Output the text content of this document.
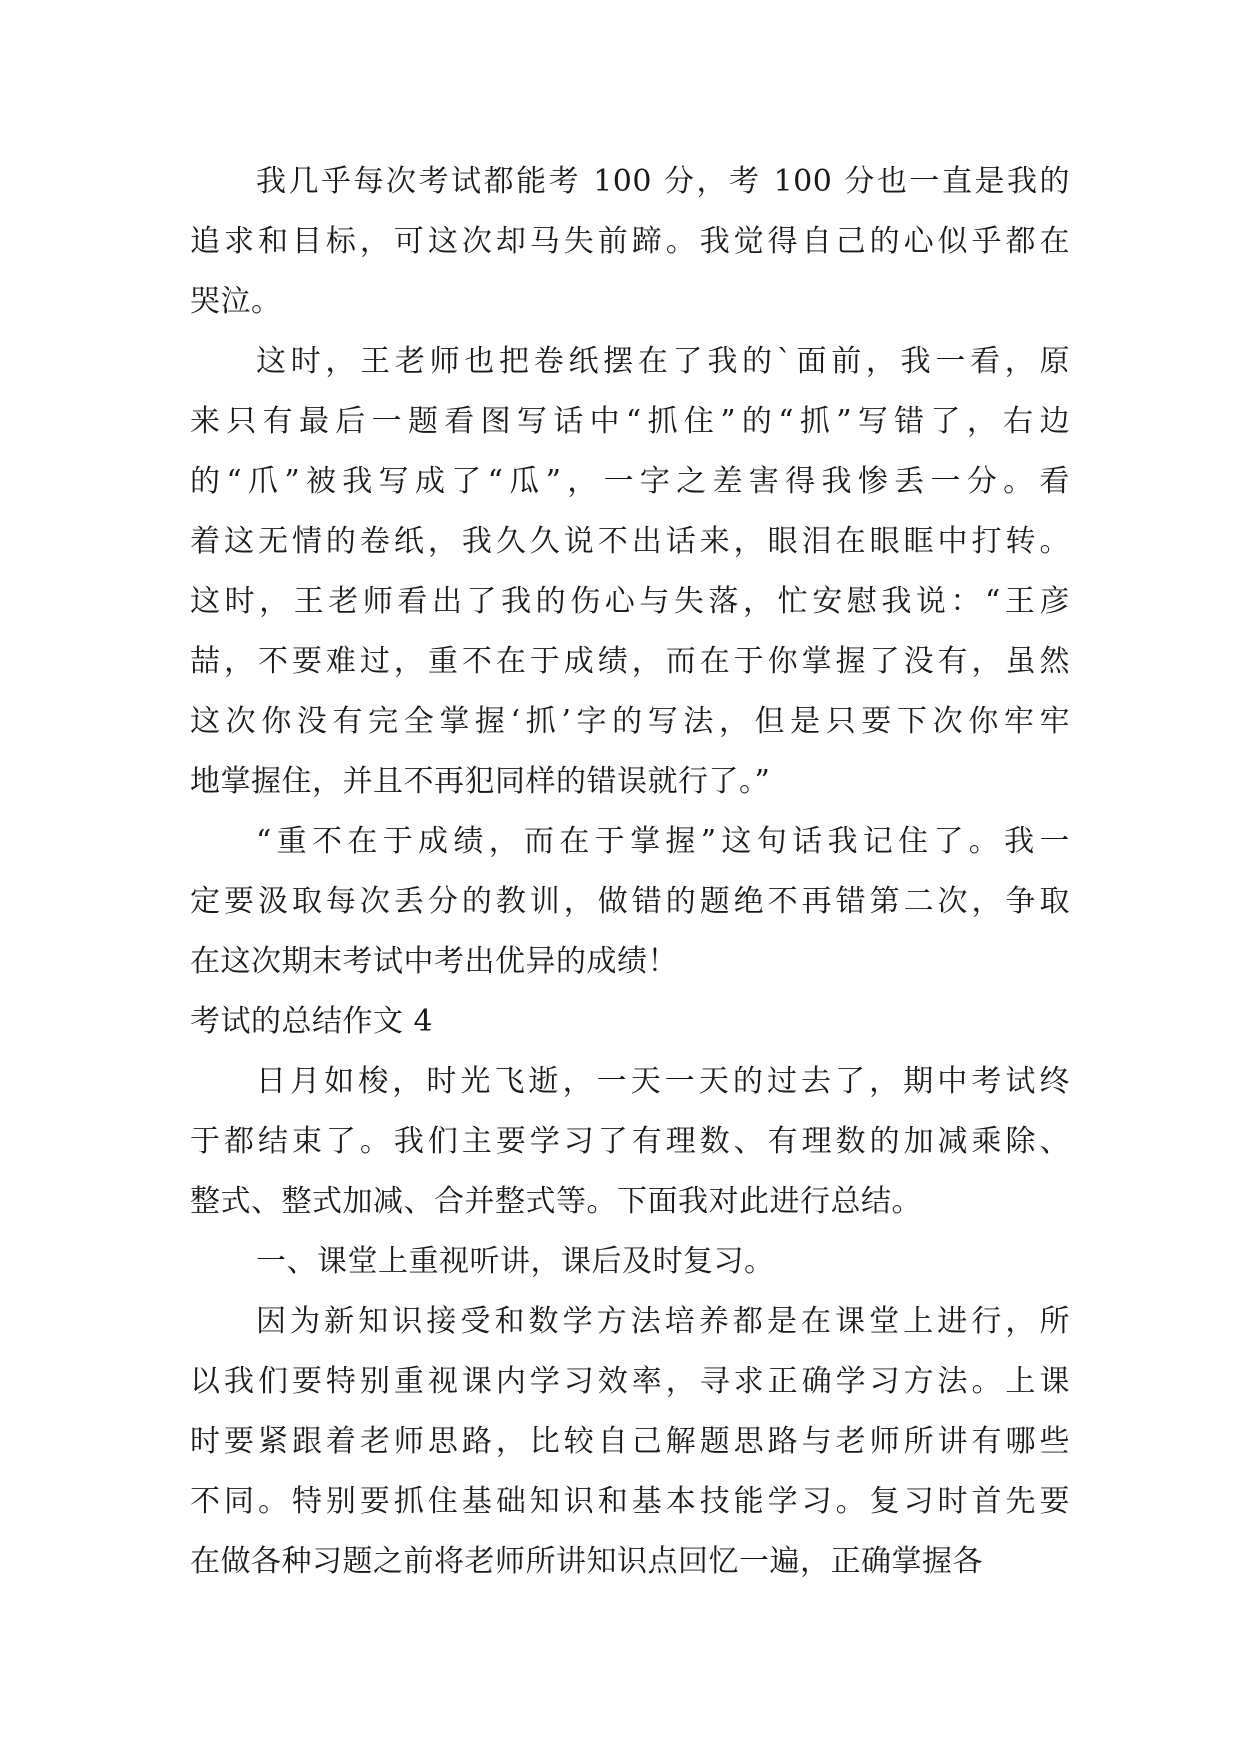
我几乎每次考试都能考 100 分，考 100 分也一直是我的
追求和目标，可这次却马失前蹄。我觉得自己的心似乎都在
哭泣。
这时，王老师也把卷纸摆在了我的`面前，我一看，原
来只有最后一题看图写话中“抓住”的“抓”写错了，右边
的“爪”被我写成了“瓜”，一字之差害得我惨丢一分。看
着这无情的卷纸，我久久说不出话来，眼泪在眼眶中打转。
这时，王老师看出了我的伤心与失落，忙安慰我说：“王彦
喆，不要难过，重不在于成绩，而在于你掌握了没有，虽然
这次你没有完全掌握‘抓’字的写法，但是只要下次你牢牢
地掌握住，并且不再犯同样的错误就行了。”
“重不在于成绩，而在于掌握”这句话我记住了。我一
定要汲取每次丢分的教训，做错的题绝不再错第二次，争取
在这次期末考试中考出优异的成绩！
考试的总结作文 4
日月如梭，时光飞逝，一天一天的过去了，期中考试终
于都结束了。我们主要学习了有理数、有理数的加减乘除、
整式、整式加减、合并整式等。下面我对此进行总结。
一、课堂上重视听讲，课后及时复习。
因为新知识接受和数学方法培养都是在课堂上进行，所
以我们要特别重视课内学习效率，寻求正确学习方法。上课
时要紧跟着老师思路，比较自己解题思路与老师所讲有哪些
不同。特别要抓住基础知识和基本技能学习。复习时首先要
在做各种习题之前将老师所讲知识点回忆一遍，正确掌握各
